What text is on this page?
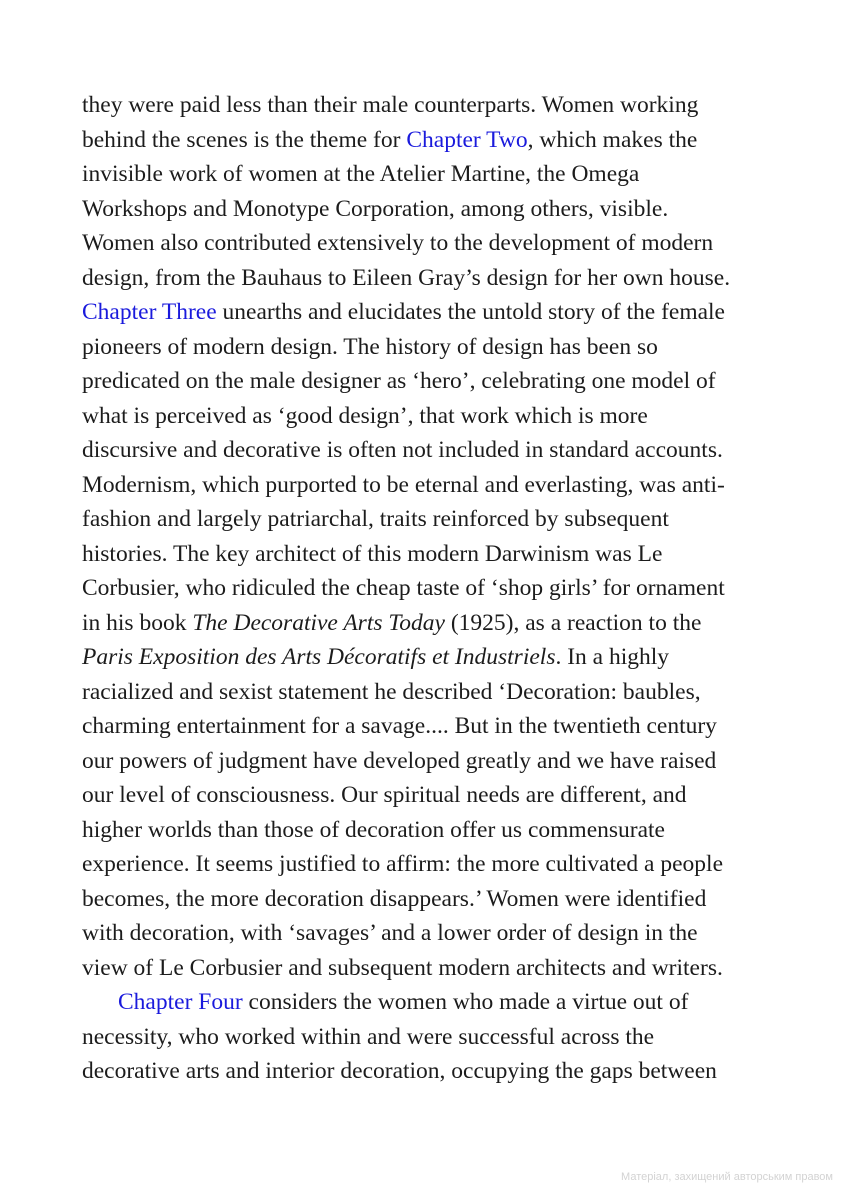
they were paid less than their male counterparts. Women working
behind the scenes is the theme for Chapter Two, which makes the
invisible work of women at the Atelier Martine, the Omega
Workshops and Monotype Corporation, among others, visible.
Women also contributed extensively to the development of modern
design, from the Bauhaus to Eileen Gray’s design for her own house.
Chapter Three unearths and elucidates the untold story of the female
pioneers of modern design. The history of design has been so
predicated on the male designer as ‘hero’, celebrating one model of
what is perceived as ‘good design’, that work which is more
discursive and decorative is often not included in standard accounts.
Modernism, which purported to be eternal and everlasting, was anti-
fashion and largely patriarchal, traits reinforced by subsequent
histories. The key architect of this modern Darwinism was Le
Corbusier, who ridiculed the cheap taste of ‘shop girls’ for ornament
in his book The Decorative Arts Today (1925), as a reaction to the
Paris Exposition des Arts Décoratifs et Industriels. In a highly
racialized and sexist statement he described ‘Decoration: baubles,
charming entertainment for a savage.... But in the twentieth century
our powers of judgment have developed greatly and we have raised
our level of consciousness. Our spiritual needs are different, and
higher worlds than those of decoration offer us commensurate
experience. It seems justified to affirm: the more cultivated a people
becomes, the more decoration disappears.’ Women were identified
with decoration, with ‘savages’ and a lower order of design in the
view of Le Corbusier and subsequent modern architects and writers.
Chapter Four considers the women who made a virtue out of
necessity, who worked within and were successful across the
decorative arts and interior decoration, occupying the gaps between
Матеріал, захищений авторським правом
